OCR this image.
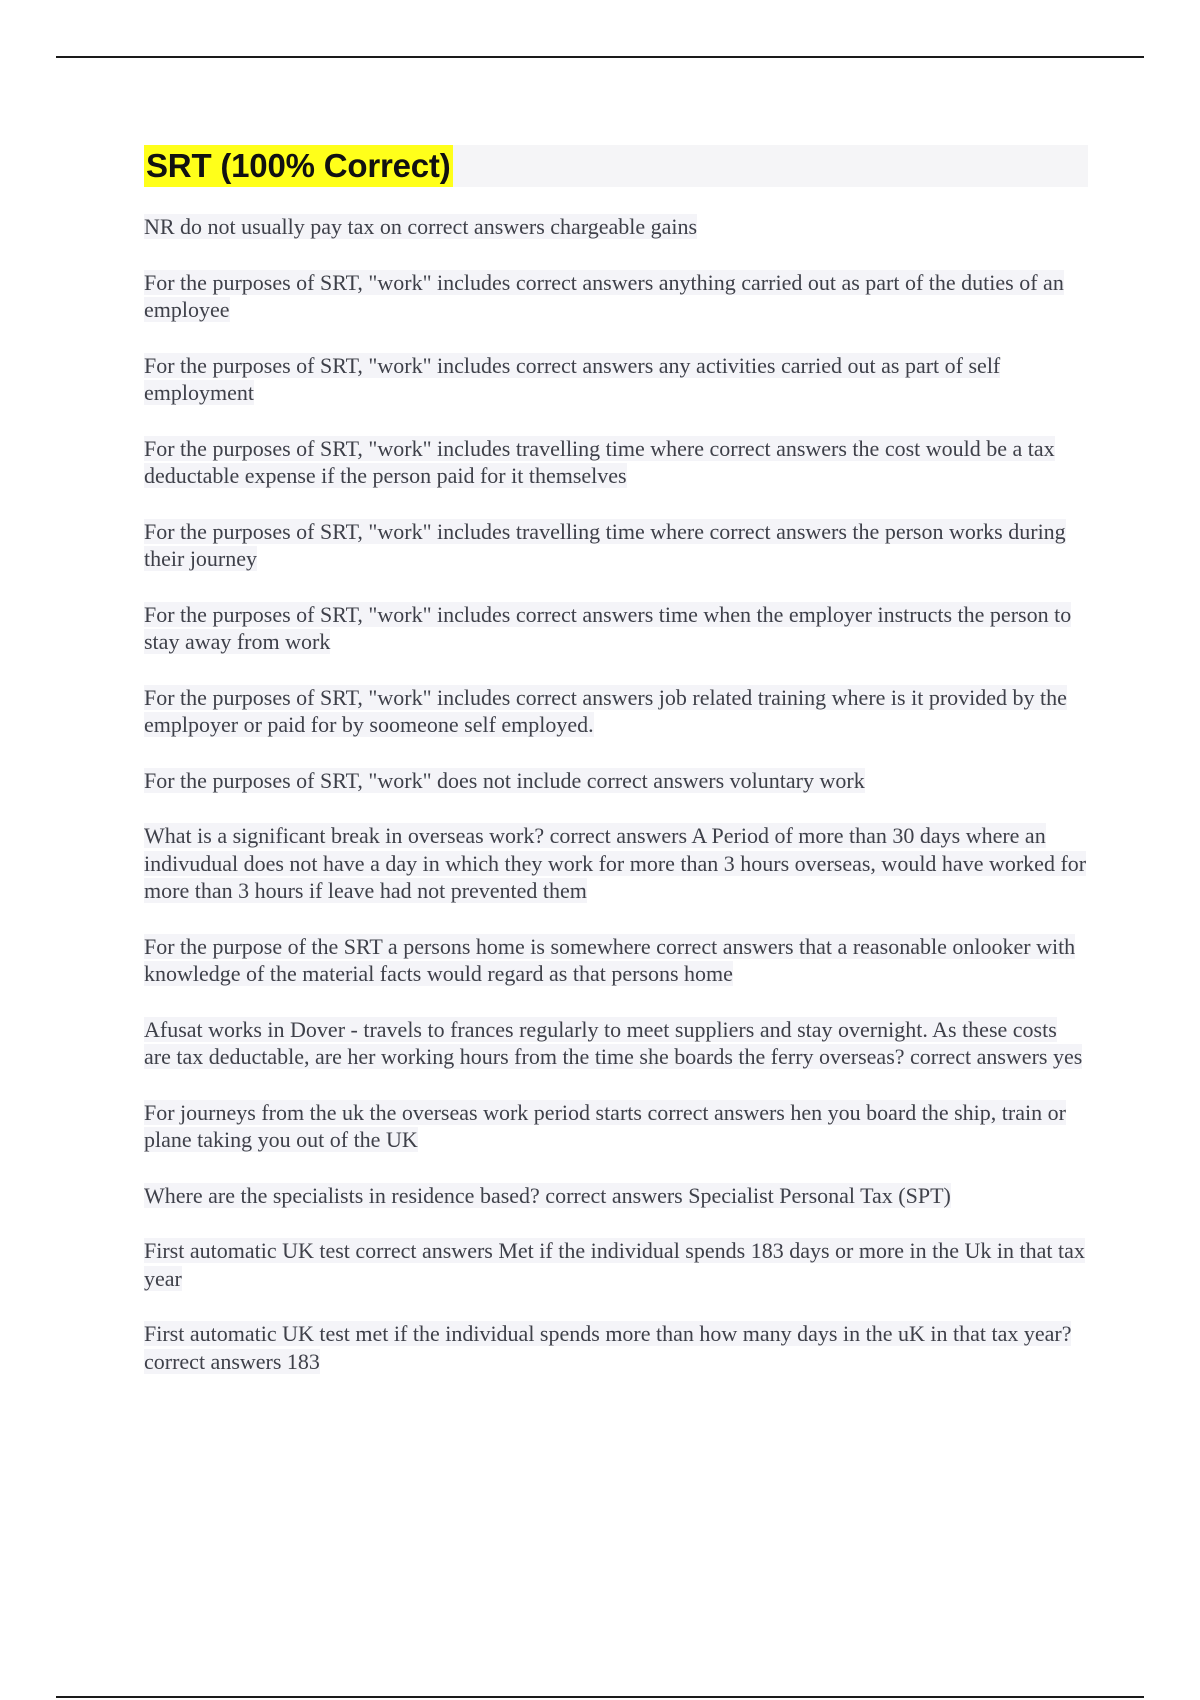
SRT (100% Correct)
NR do not usually pay tax on correct answers chargeable gains
For the purposes of SRT, "work" includes correct answers anything carried out as part of the duties of an employee
For the purposes of SRT, "work" includes correct answers any activities carried out as part of self employment
For the purposes of SRT, "work" includes travelling time where correct answers the cost would be a tax deductable expense if the person paid for it themselves
For the purposes of SRT, "work" includes travelling time where correct answers the person works during their journey
For the purposes of SRT, "work" includes correct answers time when the employer instructs the person to stay away from work
For the purposes of SRT, "work" includes correct answers job related training where is it provided by the emplpoyer or paid for by soomeone self employed.
For the purposes of SRT, "work" does not include correct answers voluntary work
What is a significant break in overseas work? correct answers A Period of more than 30 days where an indivudual does not have a day in which they work for more than 3 hours overseas, would have worked for more than 3 hours if leave had not prevented them
For the purpose of the SRT a persons home is somewhere correct answers that a reasonable onlooker with knowledge of the material facts would regard as that persons home
Afusat works in Dover - travels to frances regularly to meet suppliers and stay overnight. As these costs are tax deductable, are her working hours from the time she boards the ferry overseas? correct answers yes
For journeys from the uk the overseas work period starts correct answers hen you board the ship, train or plane taking you out of the UK
Where are the specialists in residence based? correct answers Specialist Personal Tax (SPT)
First automatic UK test correct answers Met if the individual spends 183 days or more in the Uk in that tax year
First automatic UK test met if the individual spends more than how many days in the uK in that tax year? correct answers 183
